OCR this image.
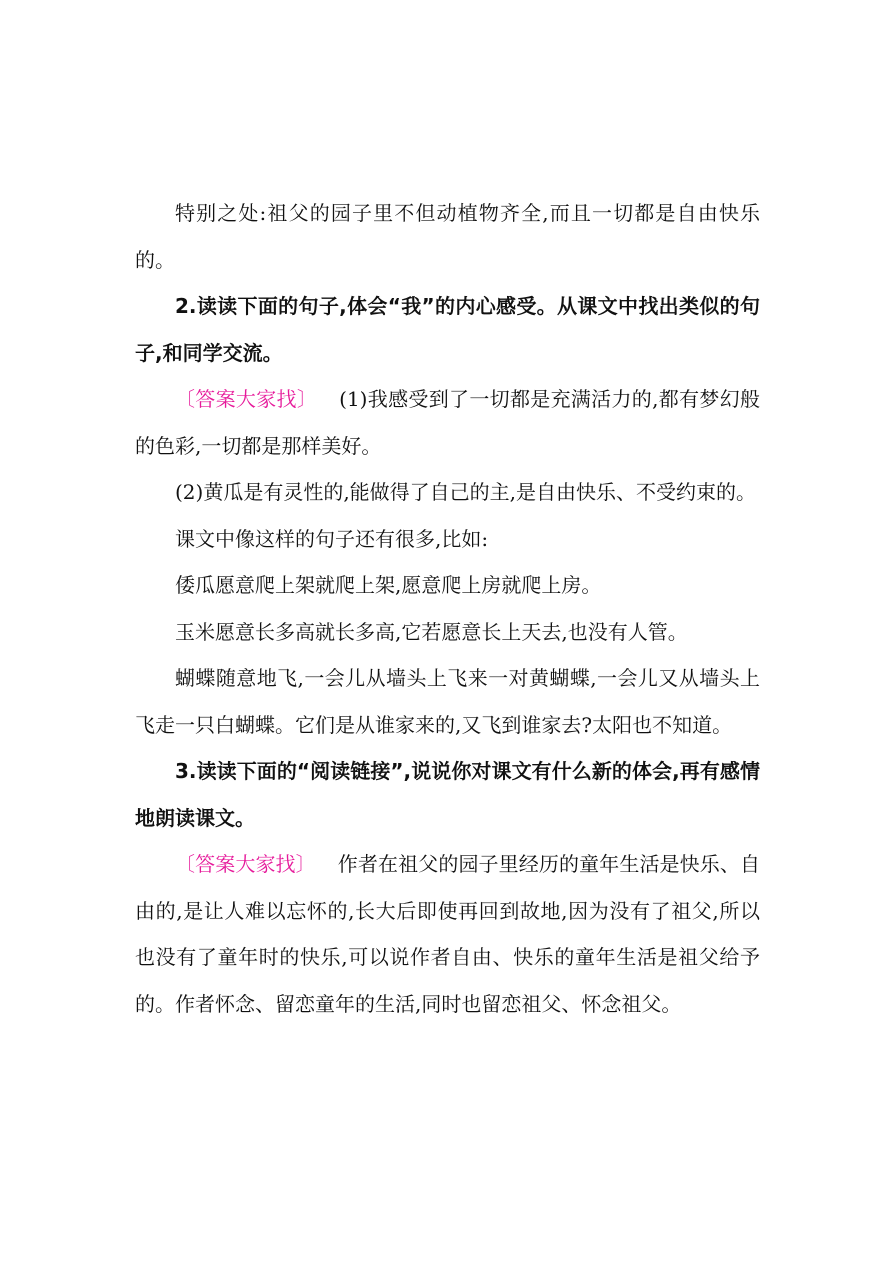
特别之处:祖父的园子里不但动植物齐全,而且一切都是自由快乐的。

2.读读下面的句子,体会“我”的内心感受。从课文中找出类似的句子,和同学交流。

〔答案大家找〕 (1)我感受到了一切都是充满活力的,都有梦幻般的色彩,一切都是那样美好。

(2)黄瓜是有灵性的,能做得了自己的主,是自由快乐、不受约束的。

课文中像这样的句子还有很多,比如:

倭瓜愿意爬上架就爬上架,愿意爬上房就爬上房。

玉米愿意长多高就长多高,它若愿意长上天去,也没有人管。

蝴蝶随意地飞,一会儿从墙头上飞来一对黄蝴蝶,一会儿又从墙头上飞走一只白蝴蝶。它们是从谁家来的,又飞到谁家去?太阳也不知道。

3.读读下面的“阅读链接”,说说你对课文有什么新的体会,再有感情地朗读课文。

〔答案大家找〕 作者在祖父的园子里经历的童年生活是快乐、自由的,是让人难以忘怀的,长大后即使再回到故地,因为没有了祖父,所以也没有了童年时的快乐,可以说作者自由、快乐的童年生活是祖父给予的。作者怀念、留恋童年的生活,同时也留恋祖父、怀念祖父。
